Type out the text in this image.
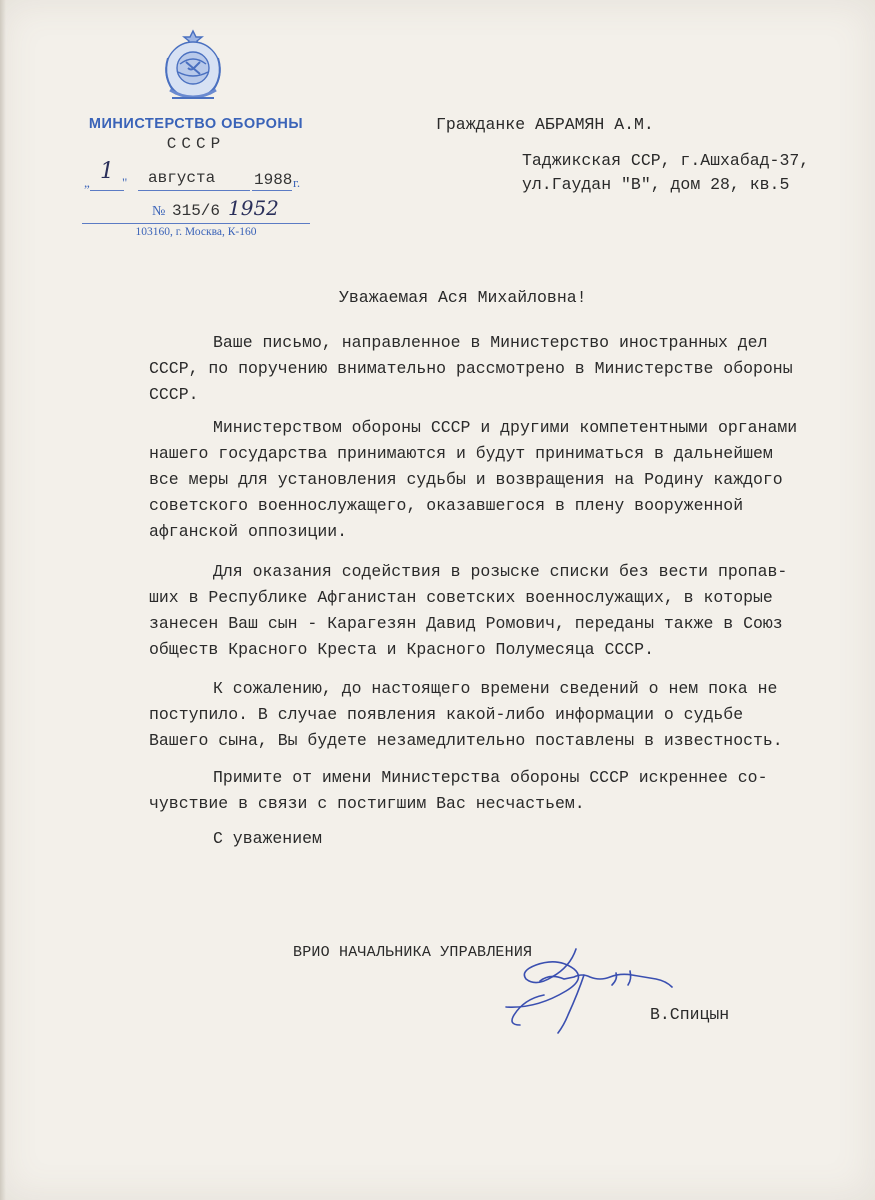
МИНИСТЕРСТВО ОБОРОНЫ
СССР
„ 1 " августа 1988 г.
№ 315/6 1952
103160, г. Москва, К-160
Гражданке АБРАМЯН А.М.
Таджикская ССР, г.Ашхабад-37,
ул.Гаудан "В", дом 28, кв.5
Уважаемая Ася Михайловна!
Ваше письмо, направленное в Министерство иностранных дел
СССР, по поручению внимательно рассмотрено в Министерстве обороны
СССР.
Министерством обороны СССР и другими компетентными органами
нашего государства принимаются и будут приниматься в дальнейшем
все меры для установления судьбы и возвращения на Родину каждого
советского военнослужащего, оказавшегося в плену вооруженной
афганской оппозиции.
Для оказания содействия в розыске списки без вести пропав-
ших в Республике Афганистан советских военнослужащих, в которые
занесен Ваш сын - Карагезян Давид Ромович, переданы также в Союз
обществ Красного Креста и Красного Полумесяца СССР.
К сожалению, до настоящего времени сведений о нем пока не
поступило. В случае появления какой-либо информации о судьбе
Вашего сына, Вы будете незамедлительно поставлены в известность.
Примите от имени Министерства обороны СССР искреннее со-
чувствие в связи с постигшим Вас несчастьем.
С уважением
ВРИО НАЧАЛЬНИКА УПРАВЛЕНИЯ
В.Спицын
